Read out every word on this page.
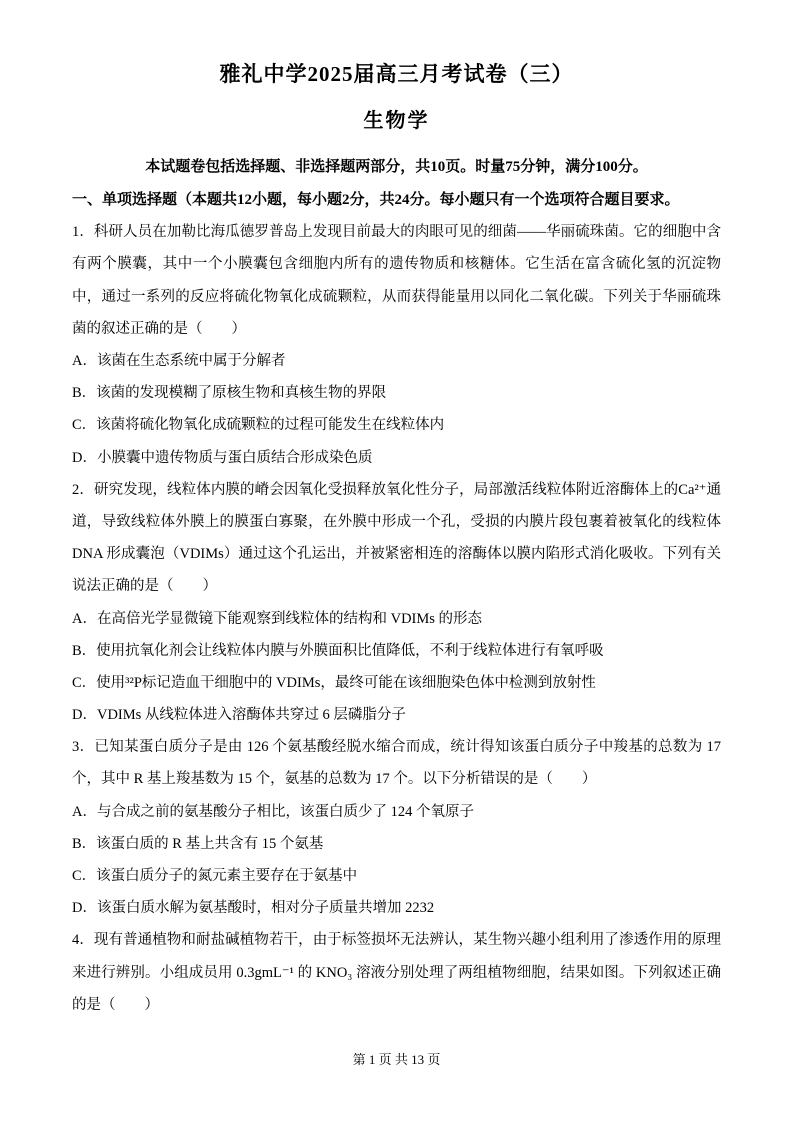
雅礼中学2025届高三月考试卷（三）
生物学

本试题卷包括选择题、非选择题两部分，共10页。时量75分钟，满分100分。

一、单项选择题（本题共12小题，每小题2分，共24分。每小题只有一个选项符合题目要求。

1．科研人员在加勒比海瓜德罗普岛上发现目前最大的肉眼可见的细菌——华丽硫珠菌。它的细胞中含有两个膜囊，其中一个小膜囊包含细胞内所有的遗传物质和核糖体。它生活在富含硫化氢的沉淀物中，通过一系列的反应将硫化物氧化成硫颗粒，从而获得能量用以同化二氧化碳。下列关于华丽硫珠菌的叙述正确的是（　　）

A．该菌在生态系统中属于分解者

B．该菌的发现模糊了原核生物和真核生物的界限

C．该菌将硫化物氧化成硫颗粒的过程可能发生在线粒体内

D．小膜囊中遗传物质与蛋白质结合形成染色质

2．研究发现，线粒体内膜的嵴会因氧化受损释放氧化性分子，局部激活线粒体附近溶酶体上的Ca²⁺通道，导致线粒体外膜上的膜蛋白寡聚，在外膜中形成一个孔，受损的内膜片段包裹着被氧化的线粒体 DNA 形成囊泡（VDIMs）通过这个孔运出，并被紧密相连的溶酶体以膜内陷形式消化吸收。下列有关说法正确的是（　　）

A．在高倍光学显微镜下能观察到线粒体的结构和 VDIMs 的形态

B．使用抗氧化剂会让线粒体内膜与外膜面积比值降低，不利于线粒体进行有氧呼吸

C．使用³²P标记造血干细胞中的 VDIMs，最终可能在该细胞染色体中检测到放射性

D．VDIMs 从线粒体进入溶酶体共穿过 6 层磷脂分子

3．已知某蛋白质分子是由 126 个氨基酸经脱水缩合而成，统计得知该蛋白质分子中羧基的总数为 17 个，其中 R 基上羧基数为 15 个，氨基的总数为 17 个。以下分析错误的是（　　）

A．与合成之前的氨基酸分子相比，该蛋白质少了 124 个氧原子

B．该蛋白质的 R 基上共含有 15 个氨基

C．该蛋白质分子的氮元素主要存在于氨基中

D．该蛋白质水解为氨基酸时，相对分子质量共增加 2232

4．现有普通植物和耐盐碱植物若干，由于标签损坏无法辨认，某生物兴趣小组利用了渗透作用的原理来进行辨别。小组成员用 0.3gmL⁻¹ 的 KNO₃ 溶液分别处理了两组植物细胞，结果如图。下列叙述正确的是（　　）

第 1 页 共 13 页
